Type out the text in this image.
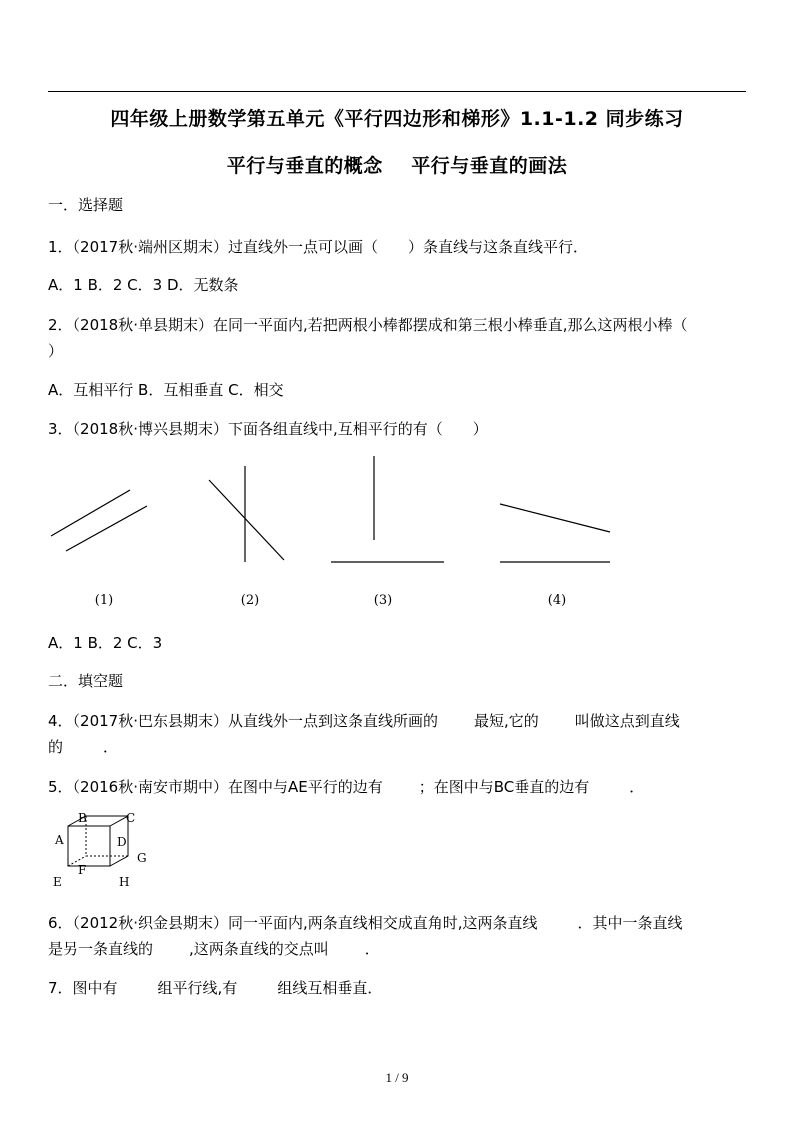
四年级上册数学第五单元《平行四边形和梯形》1.1-1.2 同步练习
平行与垂直的概念    平行与垂直的画法
一．选择题
1．（2017秋·端州区期末）过直线外一点可以画（　　）条直线与这条直线平行．
A．1 B．2 C．3 D．无数条
2．（2018秋·单县期末）在同一平面内,若把两根小棒都摆成和第三根小棒垂直,那么这两根小棒（
）
A．互相平行 B．互相垂直 C．相交
3．（2018秋·博兴县期末）下面各组直线中,互相平行的有（　　）
(1)	(2)	(3)	(4)
A．1 B．2 C．3
二．填空题
4．（2017秋·巴东县期末）从直线外一点到这条直线所画的 最短,它的 叫做这点到直线
的	．
5．（2016秋·南安市期中）在图中与AE平行的边有 ；在图中与BC垂直的边有	．
A
B	C
D
E
F
G
H
6．（2012秋·织金县期末）同一平面内,两条直线相交成直角时,这两条直线	．其中一条直线
是另一条直线的 ,这两条直线的交点叫 ．
7．图中有	组平行线,有	组线互相垂直．
1 / 9
